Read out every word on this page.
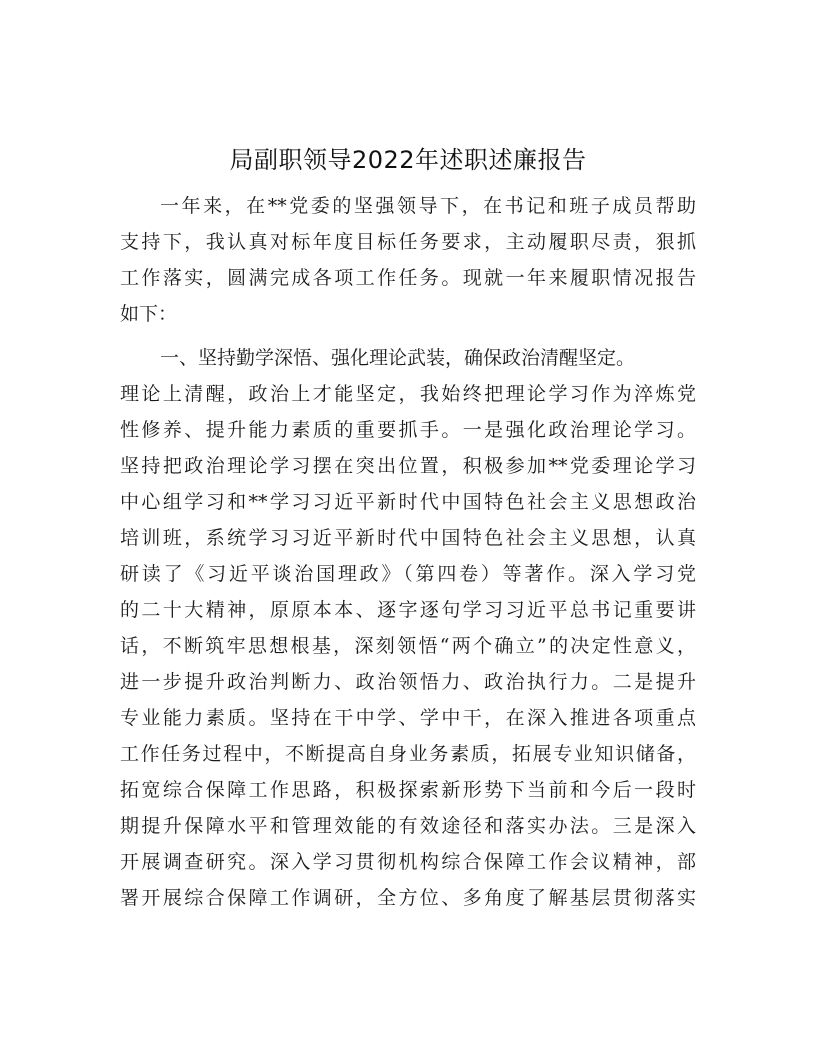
局副职领导2022年述职述廉报告
一年来，在**党委的坚强领导下，在书记和班子成员帮助
支持下，我认真对标年度目标任务要求，主动履职尽责，狠抓
工作落实，圆满完成各项工作任务。现就一年来履职情况报告
如下：
一、坚持勤学深悟、强化理论武装，确保政治清醒坚定。
理论上清醒，政治上才能坚定，我始终把理论学习作为淬炼党
性修养、提升能力素质的重要抓手。一是强化政治理论学习。
坚持把政治理论学习摆在突出位置，积极参加**党委理论学习
中心组学习和**学习习近平新时代中国特色社会主义思想政治
培训班，系统学习习近平新时代中国特色社会主义思想，认真
研读了《习近平谈治国理政》（第四卷）等著作。深入学习党
的二十大精神，原原本本、逐字逐句学习习近平总书记重要讲
话，不断筑牢思想根基，深刻领悟“两个确立”的决定性意义，
进一步提升政治判断力、政治领悟力、政治执行力。二是提升
专业能力素质。坚持在干中学、学中干，在深入推进各项重点
工作任务过程中，不断提高自身业务素质，拓展专业知识储备，
拓宽综合保障工作思路，积极探索新形势下当前和今后一段时
期提升保障水平和管理效能的有效途径和落实办法。三是深入
开展调查研究。深入学习贯彻机构综合保障工作会议精神，部
署开展综合保障工作调研，全方位、多角度了解基层贯彻落实
